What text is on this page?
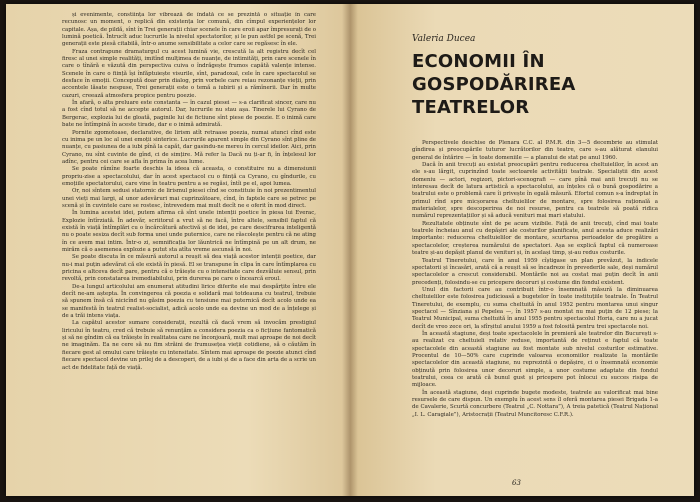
și evenimente, constiința lor vibrează de îndată ce se prezintă o situație în care recunosc un moment, o replică din existența lor comună, din cîmpul experiențelor lor capitale. Așa, de pildă, sînt în Trei generații chiar scenele în care eroii apar împresurați de o lumină poetică. Întrucît aduc lucrurile la nivelul spectatorilor, și le pun astfel pe scenă, Trei generații este piesă citabilă, într-o anume sensibilitate a celor care se regăsesc în ele.

Fraza contrapune dramaturgul cu acest lumină vie, crescută la alt registru decît cel firesc al unei simple realități, imitînd mulțimea de nuanțe, de intimități, prin care scenele în care o tînără e văzută din perspectiva cuiva o îndrăgește frumos capătă valențe intense. Scenele în care o ființă își înfăptuiește visurile, sînt, paradoxal, cele în care spectacolul se desface în emoții. Concepută doar prin dialog, prin vorbele care reiau rezonanțe vieții, prin accentele lăsate nespuse, Trei generații este o temă a iubirii și a rămînerii. Dar în multe cazuri, creează atmosfera propice pentru poezie.

În afară, o alta preluare este constanta — în cazul piesei — s-a clarificat sincer, care nu a fost cînd totul să ne accepte autorul. Dar, lucrurile nu stau așa. Tinerele lui Cyrano de Bergerac, explozia lui de gloată, paginile lui de fictiune sînt piese de poezie. E o inimă care bate ne întîmpină în aceste tirade, dar e o inimă admirată.

Pornite zgomotoase, declarative, de lirism atît retraase poezia, numai atunci cînd este cu inima pe un loc al unei emoții sinterice. Lucrurile aparent simple din Cyrano sînt pline de nuanțe, cu pasiunea de a iubi pînă la capăt, dar gasindu-ne mereu în cercul ideilor. Aici, prin Cyrano, nu sînt cuvinte de gînd, ci de simțire. Mă refer la Dacă nu ți-ar fi, în înțelesul lor adînc, pentru cei care se afla în prima în acea lume.

Se poate rămîne foarte deschis la ideea că aceasta, o constituire nu a dimensiunii propriu-zise a spectacolului, dar în acest spectacol cu o ființă ca Cyrano, cu gîndurile, cu emoțiile spectatorului, care vine în teatru pentru a se regăsi, întîi pe el, apoi lumea.

Or, noi sîntem sedusi statornic de lirismul piesei cînd se constituie în noi prezentimentul unei vieți mai largi, al unor adevăruri mai cuprinzătoare, cînd, în faptele care se petrec pe scenă și în cuvintele care se rostesc, întrevedem mai mult decît ne e oferit în mod direct.

În lumina acestei idei, putem afirma că sînt unele intenții poetice în piesa lui Everac, Explozie întîrziată. În adevăr, scriitorul a vrut să ne facă, între altele, sensibil faptul că există în viață întîmplări cu o încărcătură afectivă și de idei, pe care descifrarea inteligentă nu o poate sesiza decît sub forma unei unde puternice, care ne răscolește pentru că ne ating în ce avem mai intim. Într-o zi, semnificația lor lăuntrică ne întîmpină pe un alt drum, ne mirăm că o asemenea explozie a putut sta atîta vreme ascunsă în noi.

Se poate discuta în ce măsură autorul a reușit să dea viață acestor intenții poetice, dar nu-i mai puțin adevărat că ele există în piesă. El se transpune în clipa în care întîmplarea cu pricina e altceva decît pare, pentru că o trăiește cu o intensitate care dezvăluie sensul, prin revoltă, prin constatarea iremediabilului, prin durerea pe care o încearcă eroul.

De-a lungul articolului am enumerat atitudini lirice diferite ele mai despărțite între ele decît ne-am aștepta. În convingerea că poezia e solidară mai totdeauna cu teatrul, trebuie să spunem însă că nicicînd nu găsim poezia cu tensiune mai puternică decît acolo unde ea se manifestă în teatrul realist-socialist, adică acolo unde ea devine un mod de a înțelege și de a trăi intens viața.

La capătul acestor sumare considerații, rezultă că dacă vrem să invocăm prestigiul liricului în teatru, cred că trebuie să renunțăm a considera poezia ca o ficțiune fantomatică și să ne gîndim că ea trăiește în realitatea care ne înconjoară, mult mai aproape de noi decît ne imaginăm. Ea ne cere să nu fim străini de frumusețea vieții cotidiene, să o căutăm în fiecare gest al omului care trăiește cu intensitate. Sîntem mai aproape de poezie atunci cînd fiecare spectacol devine un prilej de a descoperi, de a iubi și de a face din arta de a scrie un act de fidelitate față de viață.

Valeria Ducea
ECONOMII ÎN GOSPODĂRIREA TEATRELOR

Perspectivele deschise de Plenara C.C. al P.M.R. din 3—5 decembrie au stimulat gîndirea și preocupările tuturor lucrătorilor din teatre, care s-au alăturat elanului general de întărire — în toate domeniile — a planului de stat pe anul 1960.

Dacă în anii trecuți au existat preocupări pentru reducerea cheltuielilor, în acest an ele s-au lărgit, cuprinzînd toate sectoarele activității teatrale. Specialiștii din acest domeniu — actori, regizori, pictori-scenografi — care pînă mai anii trecuți nu se interesau decît de latura artistică a spectacolului, au înțeles că o bună gospodărire a teatrului este o problemă care îi privește în egală măsură. Efortul comun s-a îndreptat în primul rînd spre micșorarea cheltuielilor de montare, spre folosirea rațională a materialelor, spre descoperirea de noi resurse, pentru ca teatrele să poată ridica numărul reprezentațiilor și să aducă venituri mai mari statului.

Rezultatele obținute sînt de pe acum vizibile. Față de anii trecuți, cînd mai toate teatrele încheiau anul cu depășiri ale costurilor planificate, anul acesta aduce realizări importante: reducerea cheltuielilor de montare, scurtarea perioadelor de pregătire a spectacolelor, creșterea numărului de spectatori. Așa se explică faptul că numeroase teatre și-au depășit planul de venituri și, în același timp, și-au redus costurile.

Teatrul Tineretului, care în anul 1959 cîștigase un plan prevăzut, la indicele spectatorii și încasări, arată că a reușit să se încadreze în prevederile sale, deși numărul spectacolelor a crescut considerabil. Montările noi au costat mai puțin decît în anii precedenți, folosindu-se cu pricepere decoruri și costume din fondul existent.

Unul din factorii care au contribuit într-o însemnată măsură la diminuarea cheltuielilor este folosirea judicioasă a bugetelor în toate instituțiile teatrale. În Teatrul Tineretului, de exemplu, cu suma cheltuită în anul 1952 pentru montarea unui singur spectacol — Sînziana și Pepelea —, în 1957 s-au montat nu mai puțin de 12 piese; la Teatrul Municipal, suma cheltuită în anul 1955 pentru spectacolul Horia, care nu a jucat decît de vreo zece ori, la sfîrșitul anului 1959 a fost folosită pentru trei spectacole noi.

În această stagiune, deși toate spectacolele în premieră ale teatrelor din București s-au realizat cu cheltuieli relativ reduse, importantă de reținut e faptul că toate spectacolele din această stagiune au fost montate sub nivelul costurilor estimative. Procentul de 10—50% care cuprinde valoarea economiilor realizate la montările spectacolelor din această stagiune, nu reprezintă o depășire, ci o însemnată economie obținută prin folosirea unor decoruri simple, a unor costume adaptate din fondul teatrului, ceea ce arată că bunul gust și pricepere pot înlocui cu succes risipa de mijloace.

În această stagiune, deși cuprinde bugete modeste, teatrele au valorificat mai bine resursele de care dispun. Un exemplu în acest sens îl oferă montarea piesei Brigada 1-a de Cavalerie, Scurtă concurbere (Teatrul „C. Nottara”), A treia patetică (Teatrul Național „I. L. Caragiale”), Aristocrații (Teatrul Muncitoresc C.F.R.).

63
